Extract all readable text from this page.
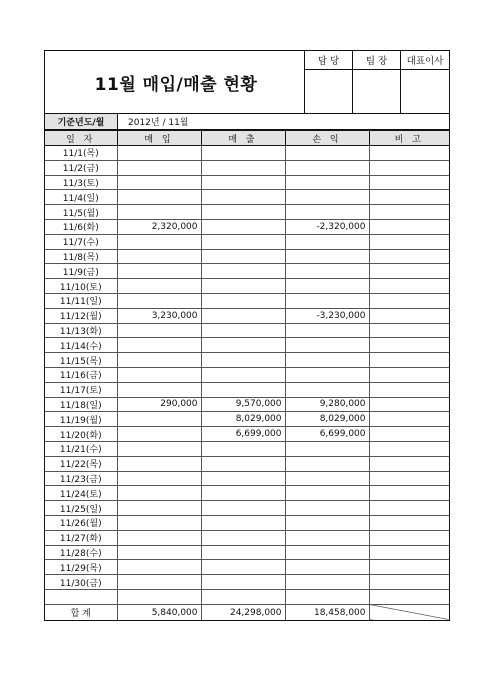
11월 매입/매출 현황
담 당	팀 장	대표이사
기준년도/월	2012년 / 11월
일 자	매 입	매 출	손 익	비 고
11/1(목)				
11/2(금)				
11/3(토)				
11/4(일)				
11/5(월)				
11/6(화)	2,320,000		-2,320,000	
11/7(수)				
11/8(목)				
11/9(금)				
11/10(토)				
11/11(일)				
11/12(월)	3,230,000		-3,230,000	
11/13(화)				
11/14(수)				
11/15(목)				
11/16(금)				
11/17(토)				
11/18(일)	290,000	9,570,000	9,280,000	
11/19(월)		8,029,000	8,029,000	
11/20(화)		6,699,000	6,699,000	
11/21(수)				
11/22(목)				
11/23(금)				
11/24(토)				
11/25(일)				
11/26(월)				
11/27(화)				
11/28(수)				
11/29(목)				
11/30(금)				

합 계	5,840,000	24,298,000	18,458,000	
